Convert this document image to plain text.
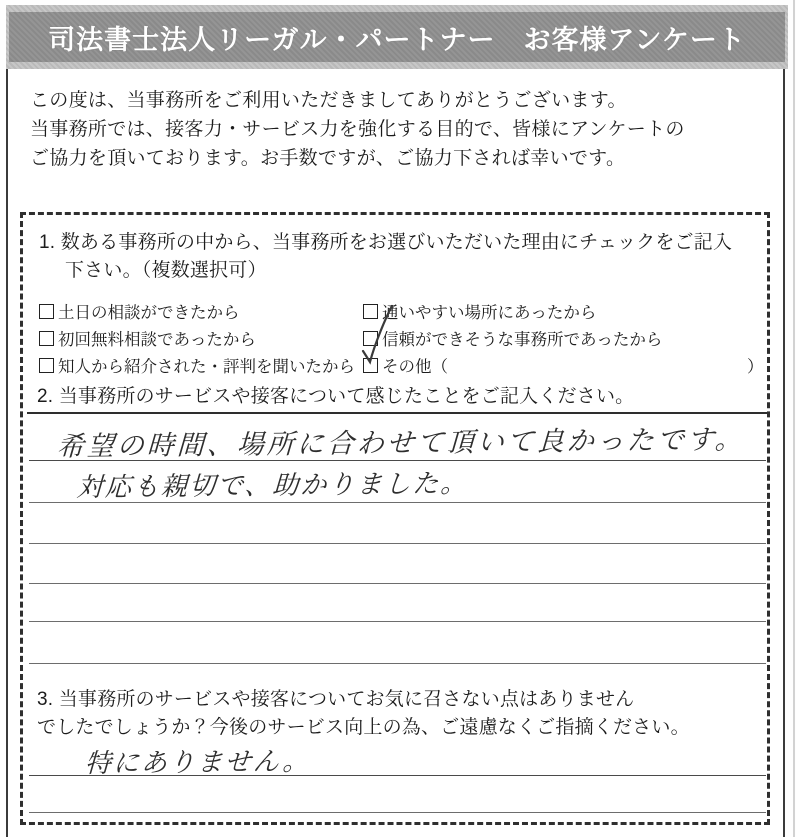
司法書士法人リーガル・パートナー　お客様アンケート
この度は、当事務所をご利用いただきましてありがとうございます。
当事務所では、接客力・サービス力を強化する目的で、皆様にアンケートの
ご協力を頂いております。お手数ですが、ご協力下されば幸いです。
1. 数ある事務所の中から、当事務所をお選びいただいた理由にチェックをご記入
下さい。（複数選択可）
土日の相談ができたから
初回無料相談であったから
知人から紹介された・評判を聞いたから
通いやすい場所にあったから
信頼ができそうな事務所であったから
その他（	）
2. 当事務所のサービスや接客について感じたことをご記入ください。
希望の時間、場所に合わせて頂いて良かったです。
対応も親切で、助かりました。
3. 当事務所のサービスや接客についてお気に召さない点はありません
でしたでしょうか？今後のサービス向上の為、ご遠慮なくご指摘ください。
特にありません。
